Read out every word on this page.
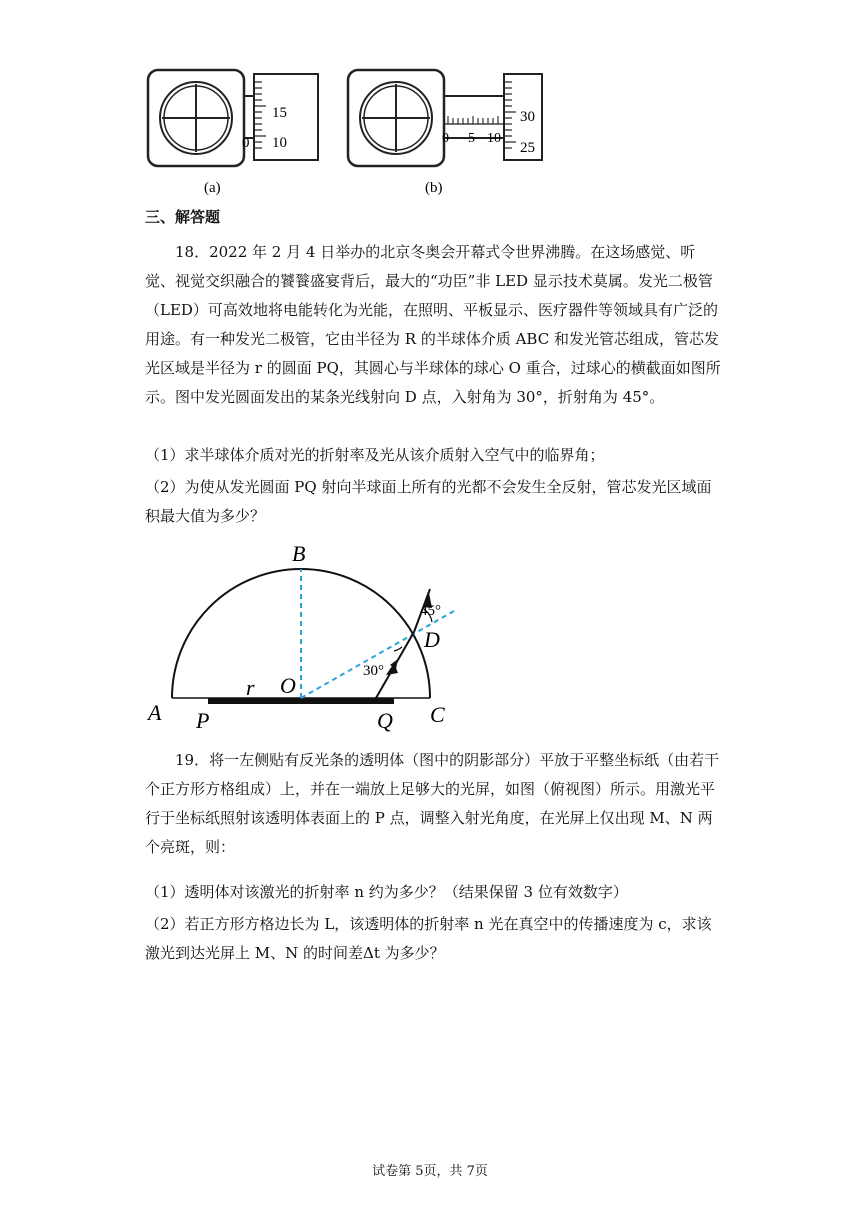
15
10
0
(a)
30
25
0 5 10
(b)
三、解答题
18．2022 年 2 月 4 日举办的北京冬奥会开幕式令世界沸腾。在这场感觉、听觉、视觉交织融合的饕餮盛宴背后，最大的“功臣”非 LED 显示技术莫属。发光二极管（LED）可高效地将电能转化为光能，在照明、平板显示、医疗器件等领域具有广泛的用途。有一种发光二极管，它由半径为 R 的半球体介质 ABC 和发光管芯组成，管芯发光区域是半径为 r 的圆面 PQ，其圆心与半球体的球心 O 重合，过球心的横截面如图所示。图中发光圆面发出的某条光线射向 D 点，入射角为 30°，折射角为 45°。
（1）求半球体介质对光的折射率及光从该介质射入空气中的临界角；
（2）为使从发光圆面 PQ 射向半球面上所有的光都不会发生全反射，管芯发光区域面积最大值为多少？
B
O
r
A P	Q C
D
30°
45°
19．将一左侧贴有反光条的透明体（图中的阴影部分）平放于平整坐标纸（由若干个正方形方格组成）上，并在一端放上足够大的光屏，如图（俯视图）所示。用激光平行于坐标纸照射该透明体表面上的 P 点，调整入射光角度，在光屏上仅出现 M、N 两个亮斑，则：
（1）透明体对该激光的折射率 n 约为多少？（结果保留 3 位有效数字）
（2）若正方形方格边长为 L，该透明体的折射率 n 光在真空中的传播速度为 c，求该激光到达光屏上 M、N 的时间差Δt 为多少？
试卷第 5页，共 7页
